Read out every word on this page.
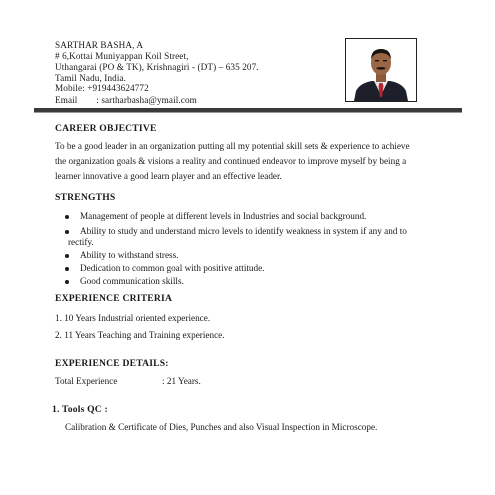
SARTHAR BASHA, A
# 6,Kottai Muniyappan Koil Street,
Uthangarai (PO & TK), Krishnagiri - (DT) – 635 207.
Tamil Nadu, India.
Mobile: +919443624772
Email : sartharbasha@ymail.com
CAREER OBJECTIVE
To be a good leader in an organization putting all my potential skill sets & experience to achieve
the organization goals & visions a reality and continued endeavor to improve myself by being a
learner innovative a good learn player and an effective leader.
STRENGTHS
Management of people at different levels in Industries and social background.
Ability to study and understand micro levels to identify weakness in system if any and to
rectify.
Ability to withstand stress.
Dedication to common goal with positive attitude.
Good communication skills.
EXPERIENCE CRITERIA
1. 10 Years Industrial oriented experience.
2. 11 Years Teaching and Training experience.
EXPERIENCE DETAILS:
Total Experience	: 21 Years.
1. Tools QC :
Calibration & Certificate of Dies, Punches and also Visual Inspection in Microscope.
